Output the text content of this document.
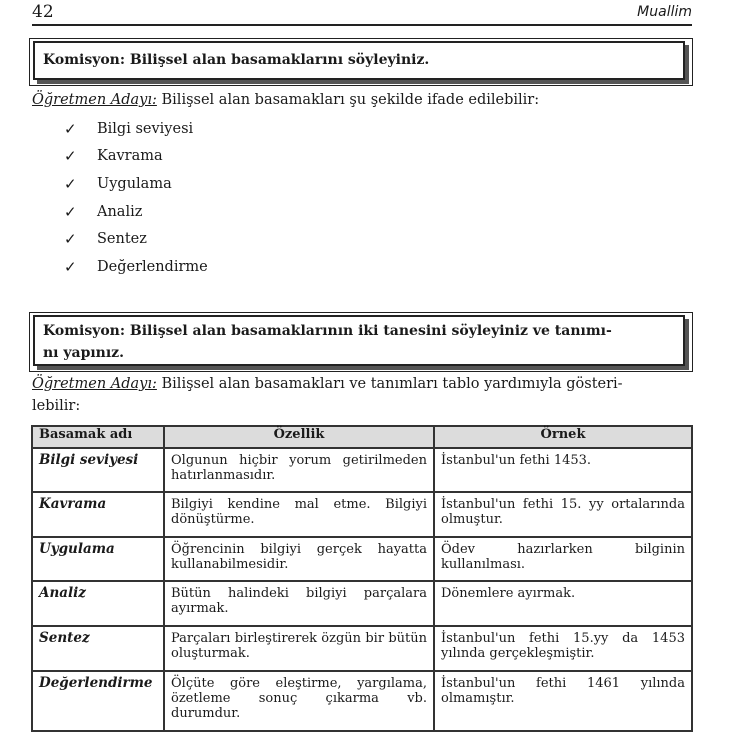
42	Muallim
Komisyon: Bilişsel alan basamaklarını söyleyiniz.
Öğretmen Adayı: Bilişsel alan basamakları şu şekilde ifade edilebilir:
✓	Bilgi seviyesi
✓	Kavrama
✓	Uygulama
✓	Analiz
✓	Sentez
✓	Değerlendirme
Komisyon: Bilişsel alan basamaklarının iki tanesini söyleyiniz ve tanımı-
nı yapınız.
Öğretmen Adayı: Bilişsel alan basamakları ve tanımları tablo yardımıyla gösteri-
lebilir:
Basamak adı	Özellik	Örnek
Bilgi seviyesi	Olgunun hiçbir yorum getirilmeden hatırlanmasıdır.	İstanbul'un fethi 1453.
Kavrama	Bilgiyi kendine mal etme. Bilgiyi dönüştürme.	İstanbul'un fethi 15. yy ortalarında olmuştur.
Uygulama	Öğrencinin bilgiyi gerçek hayatta kullanabilmesidir.	Ödev hazırlarken bilginin kullanılması.
Analiz	Bütün halindeki bilgiyi parçalara ayırmak.	Dönemlere ayırmak.
Sentez	Parçaları birleştirerek özgün bir bütün oluşturmak.	İstanbul'un fethi 15.yy da 1453 yılında gerçekleşmiştir.
Değerlendirme	Ölçüte göre eleştirme, yargılama, özetleme sonuç çıkarma vb. durumdur.	İstanbul'un fethi 1461 yılında olmamıştır.
